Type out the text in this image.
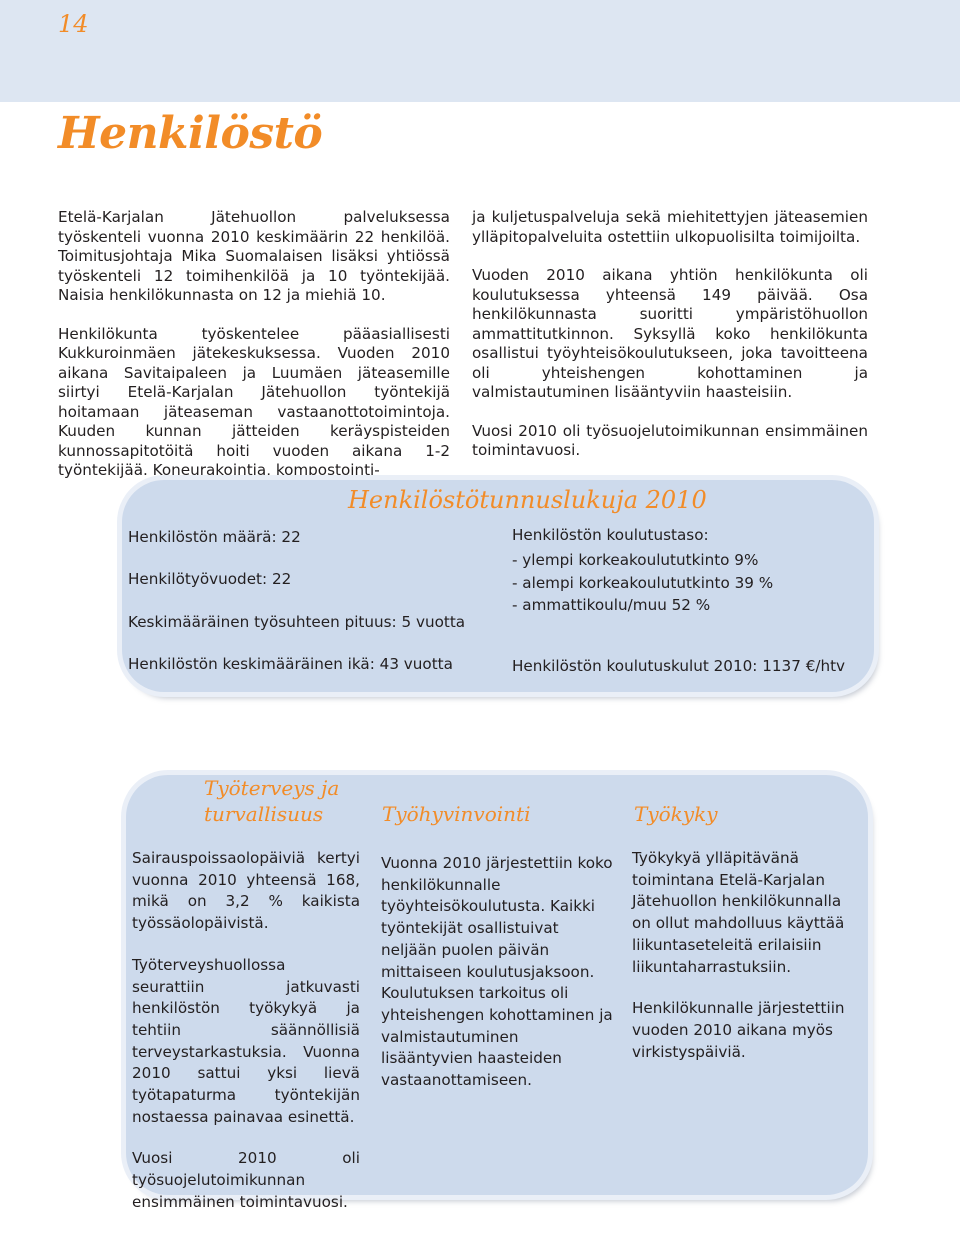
14
Henkilöstö

Etelä-Karjalan Jätehuollon palveluksessa työskenteli vuonna 2010 keskimäärin 22 henkilöä. Toimitusjohtaja Mika Suomalaisen lisäksi yhtiössä työskenteli 12 toimihenkilöä ja 10 työntekijää. Naisia henkilökunnasta on 12 ja miehiä 10.

Henkilökunta työskentelee pääasiallisesti Kukkuroinmäen jätekeskuksessa. Vuoden 2010 aikana Savitaipaleen ja Luumäen jäteasemille siirtyi Etelä-Karjalan Jätehuollon työntekijä hoitamaan jäteaseman vastaanottotoimintoja. Kuuden kunnan jätteiden keräyspisteiden kunnossapitotöitä hoiti vuoden aikana 1-2 työntekijää. Koneurakointia, kompostointi-

ja kuljetuspalveluja sekä miehitettyjen jäteasemien ylläpitopalveluita ostettiin ulkopuolisilta toimijoilta.

Vuoden 2010 aikana yhtiön henkilökunta oli koulutuksessa yhteensä 149 päivää. Osa henkilökunnasta suoritti ympäristöhuollon ammattitutkinnon. Syksyllä koko henkilökunta osallistui työyhteisökoulutukseen, joka tavoitteena oli yhteishengen kohottaminen ja valmistautuminen lisääntyviin haasteisiin.

Vuosi 2010 oli työsuojelutoimikunnan ensimmäinen toimintavuosi.

Henkilöstötunnuslukuja 2010
Henkilöstön määrä: 22
Henkilötyövuodet: 22
Keskimääräinen työsuhteen pituus: 5 vuotta
Henkilöstön keskimääräinen ikä: 43 vuotta
Henkilöstön koulutustaso:
- ylempi korkeakoulututkinto 9%
- alempi korkeakoulututkinto 39 %
- ammattikoulu/muu 52 %
Henkilöstön koulutuskulut 2010: 1137 €/htv
Työterveys ja turvallisuus	Työhyvinvointi	Työkyky

Sairauspoissaolopäiviä kertyi vuonna 2010 yhteensä 168, mikä on 3,2 % kaikista työssäolopäivistä.

Työterveyshuollossa seurattiin jatkuvasti henkilöstön työkykyä ja tehtiin säännöllisiä terveystarkastuksia. Vuonna 2010 sattui yksi lievä työtapaturma työntekijän nostaessa painavaa esinettä.

Vuosi 2010 oli työsuojelutoimikunnan ensimmäinen toimintavuosi.

Vuonna 2010 järjestettiin koko henkilökunnalle työyhteisökoulutusta. Kaikki työntekijät osallistuivat neljään puolen päivän mittaiseen koulutusjaksoon. Koulutuksen tarkoitus oli yhteishengen kohottaminen ja valmistautuminen lisääntyvien haasteiden vastaanottamiseen.

Työkykyä ylläpitävänä toimintana Etelä-Karjalan Jätehuollon henkilökunnalla on ollut mahdolluus käyttää liikuntaseteleitä erilaisiin liikuntaharrastuksiin.

Henkilökunnalle järjestettiin vuoden 2010 aikana myös virkistyspäiviä.
